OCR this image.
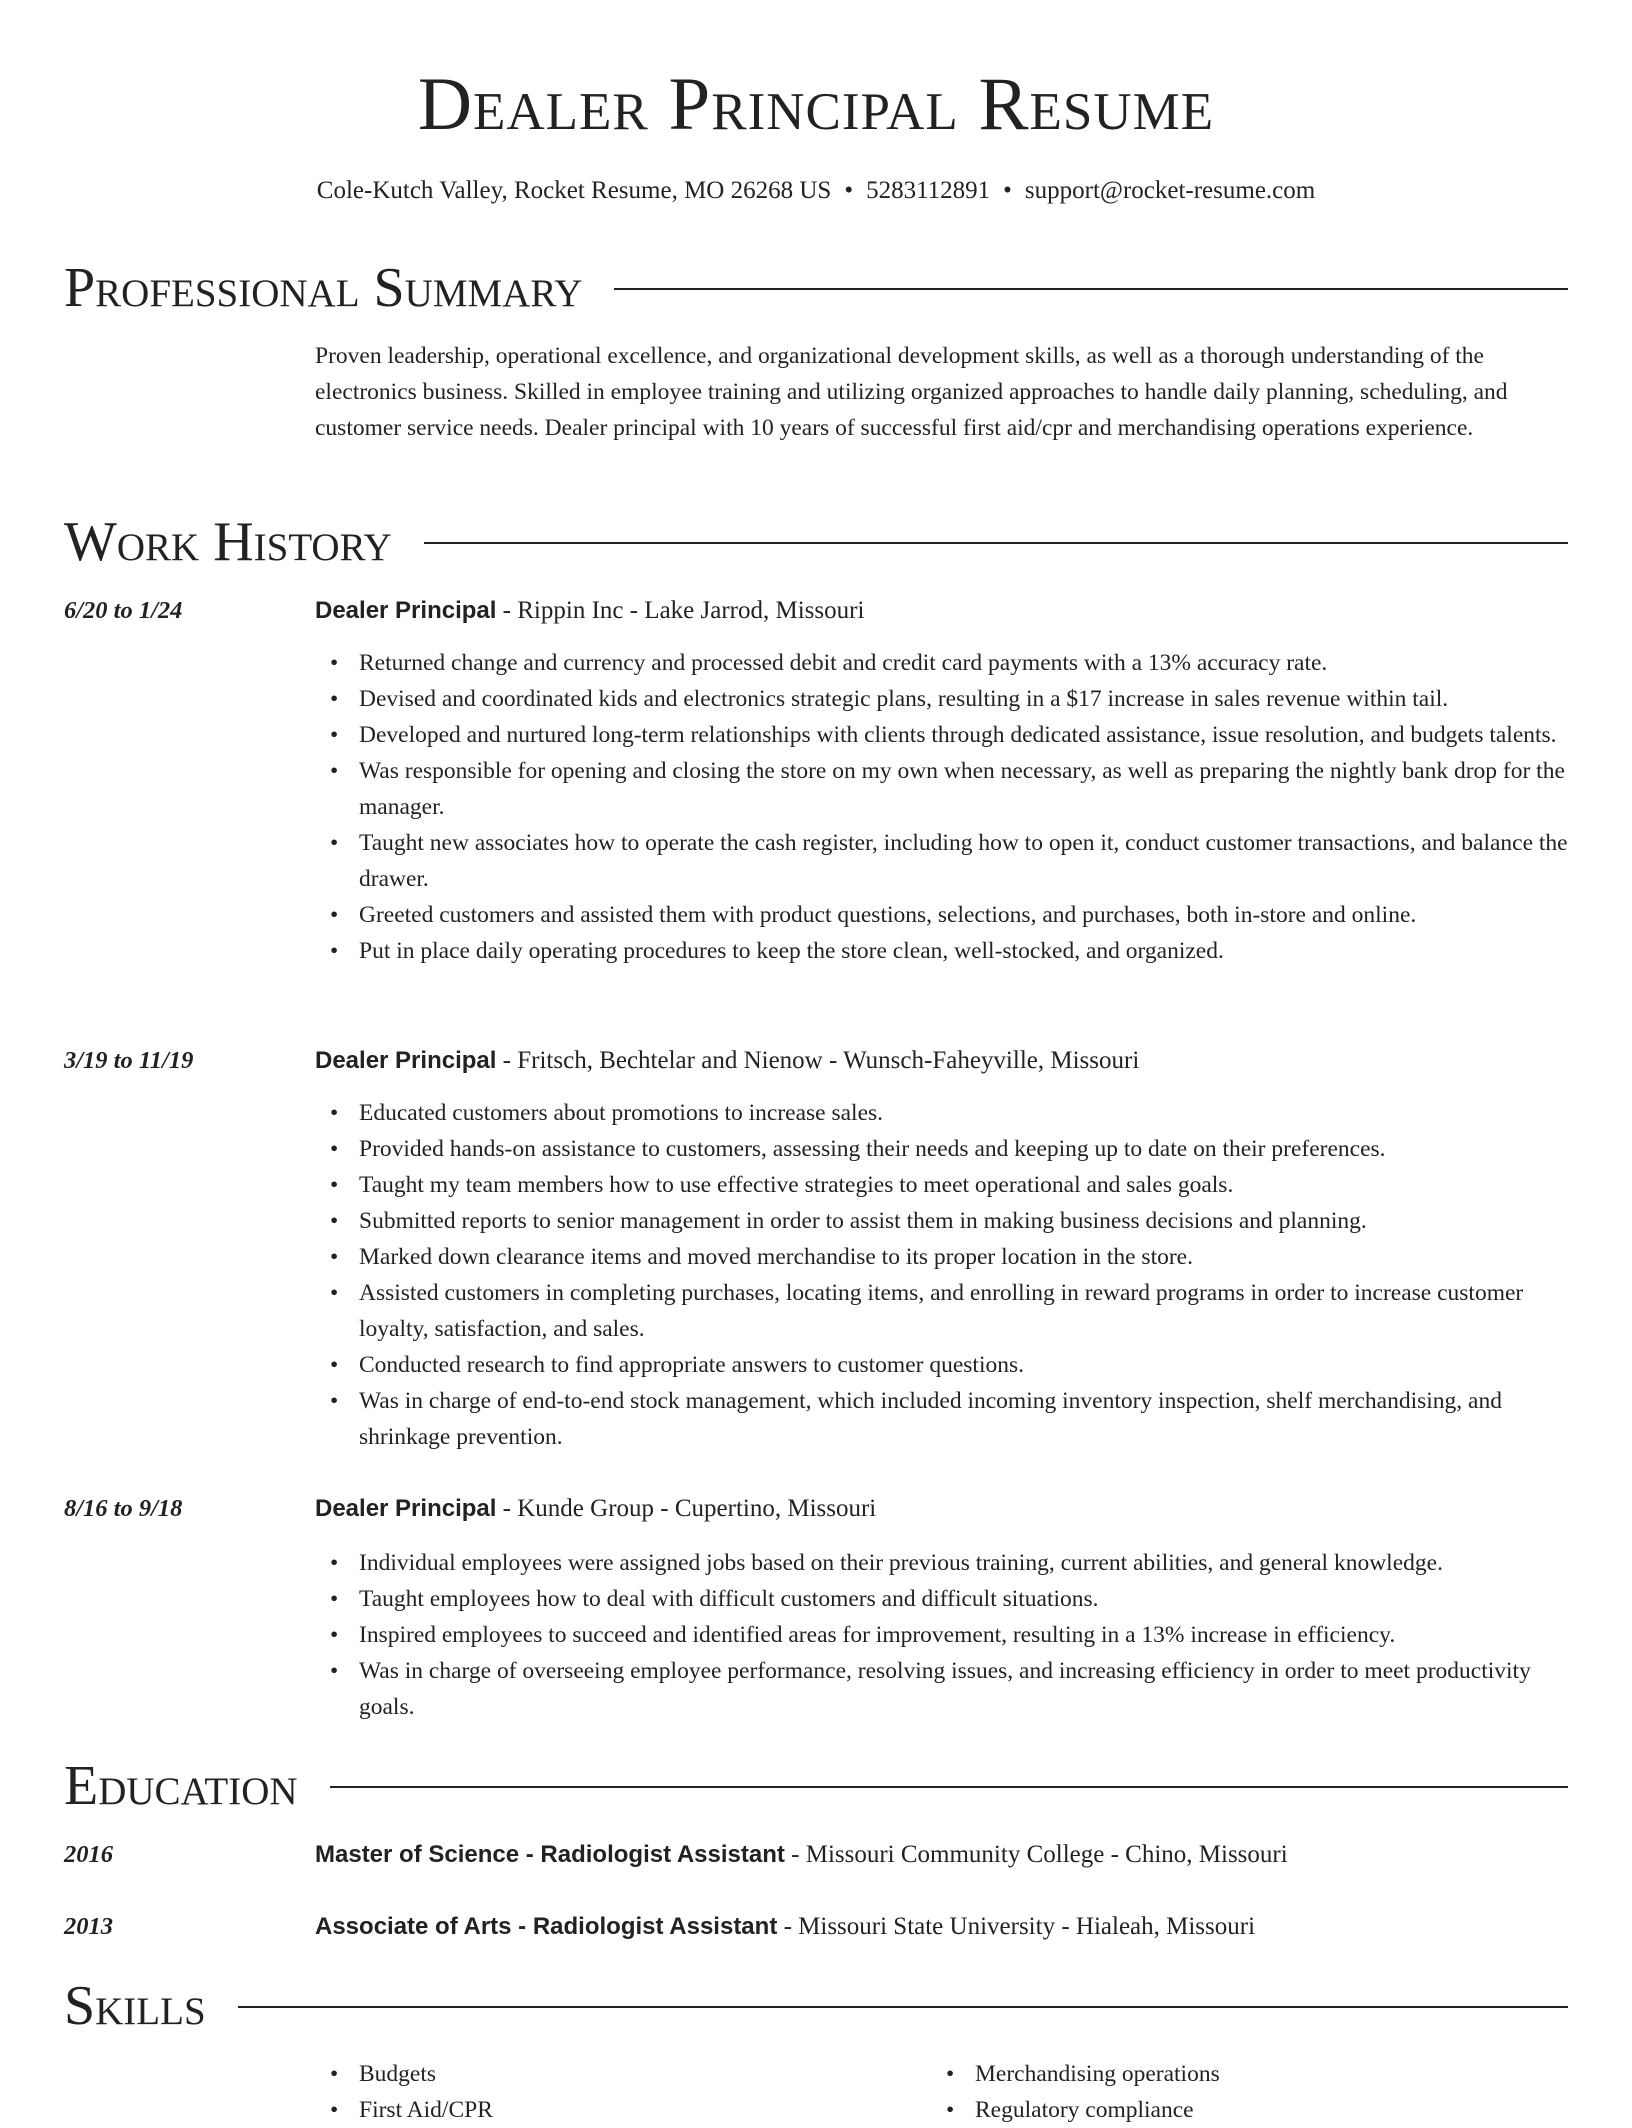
Dealer Principal Resume
Cole-Kutch Valley, Rocket Resume, MO 26268 US • 5283112891 • support@rocket-resume.com
Professional Summary
Proven leadership, operational excellence, and organizational development skills, as well as a thorough understanding of the electronics business. Skilled in employee training and utilizing organized approaches to handle daily planning, scheduling, and customer service needs. Dealer principal with 10 years of successful first aid/cpr and merchandising operations experience.
Work History
6/20 to 1/24	Dealer Principal - Rippin Inc - Lake Jarrod, Missouri
• Returned change and currency and processed debit and credit card payments with a 13% accuracy rate.
• Devised and coordinated kids and electronics strategic plans, resulting in a $17 increase in sales revenue within tail.
• Developed and nurtured long-term relationships with clients through dedicated assistance, issue resolution, and budgets talents.
• Was responsible for opening and closing the store on my own when necessary, as well as preparing the nightly bank drop for the manager.
• Taught new associates how to operate the cash register, including how to open it, conduct customer transactions, and balance the drawer.
• Greeted customers and assisted them with product questions, selections, and purchases, both in-store and online.
• Put in place daily operating procedures to keep the store clean, well-stocked, and organized.
3/19 to 11/19	Dealer Principal - Fritsch, Bechtelar and Nienow - Wunsch-Faheyville, Missouri
• Educated customers about promotions to increase sales.
• Provided hands-on assistance to customers, assessing their needs and keeping up to date on their preferences.
• Taught my team members how to use effective strategies to meet operational and sales goals.
• Submitted reports to senior management in order to assist them in making business decisions and planning.
• Marked down clearance items and moved merchandise to its proper location in the store.
• Assisted customers in completing purchases, locating items, and enrolling in reward programs in order to increase customer loyalty, satisfaction, and sales.
• Conducted research to find appropriate answers to customer questions.
• Was in charge of end-to-end stock management, which included incoming inventory inspection, shelf merchandising, and shrinkage prevention.
8/16 to 9/18	Dealer Principal - Kunde Group - Cupertino, Missouri
• Individual employees were assigned jobs based on their previous training, current abilities, and general knowledge.
• Taught employees how to deal with difficult customers and difficult situations.
• Inspired employees to succeed and identified areas for improvement, resulting in a 13% increase in efficiency.
• Was in charge of overseeing employee performance, resolving issues, and increasing efficiency in order to meet productivity goals.
Education
2016	Master of Science - Radiologist Assistant - Missouri Community College - Chino, Missouri
2013	Associate of Arts - Radiologist Assistant - Missouri State University - Hialeah, Missouri
Skills
• Budgets
• First Aid/CPR
• Merchandising operations
• Regulatory compliance
